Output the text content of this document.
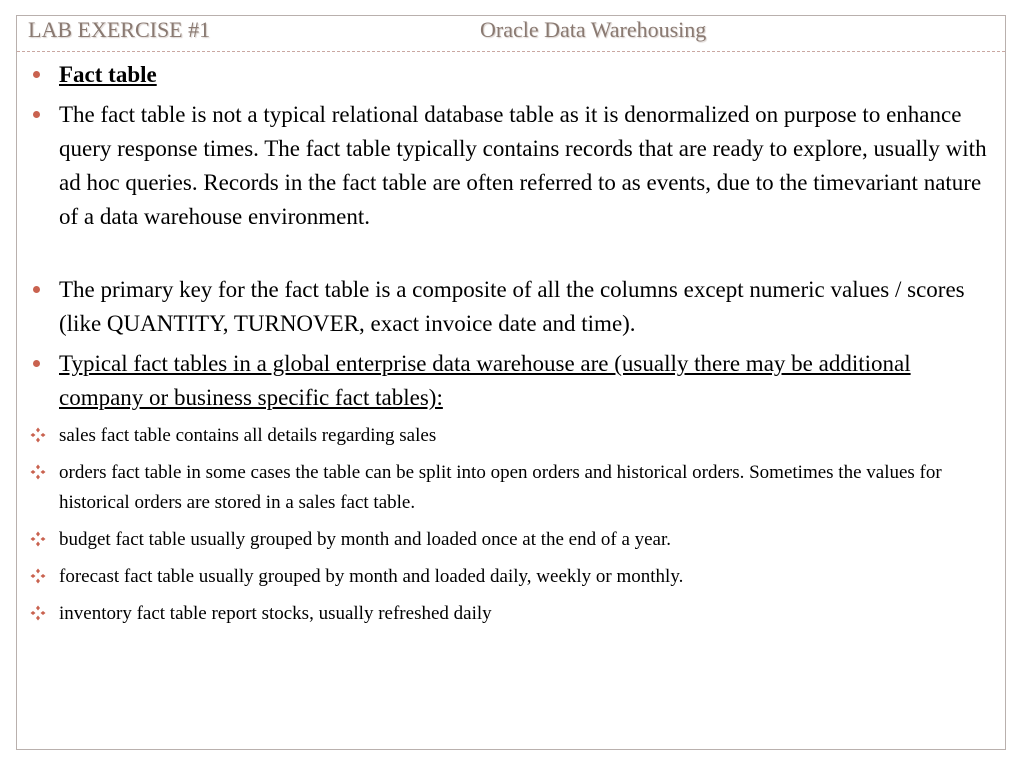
LAB EXERCISE #1	Oracle Data Warehousing
Fact table
The fact table is not a typical relational database table as it is denormalized on purpose to enhance query response times. The fact table typically contains records that are ready to explore, usually with ad hoc queries. Records in the fact table are often referred to as events, due to the timevariant nature of a data warehouse environment.
The primary key for the fact table is a composite of all the columns except numeric values / scores (like QUANTITY, TURNOVER, exact invoice date and time).
Typical fact tables in a global enterprise data warehouse are (usually there may be additional company or business specific fact tables):
sales fact table contains all details regarding sales
orders fact table in some cases the table can be split into open orders and historical orders. Sometimes the values for historical orders are stored in a sales fact table.
budget fact table usually grouped by month and loaded once at the end of a year.
forecast fact table usually grouped by month and loaded daily, weekly or monthly.
inventory fact table report stocks, usually refreshed daily
